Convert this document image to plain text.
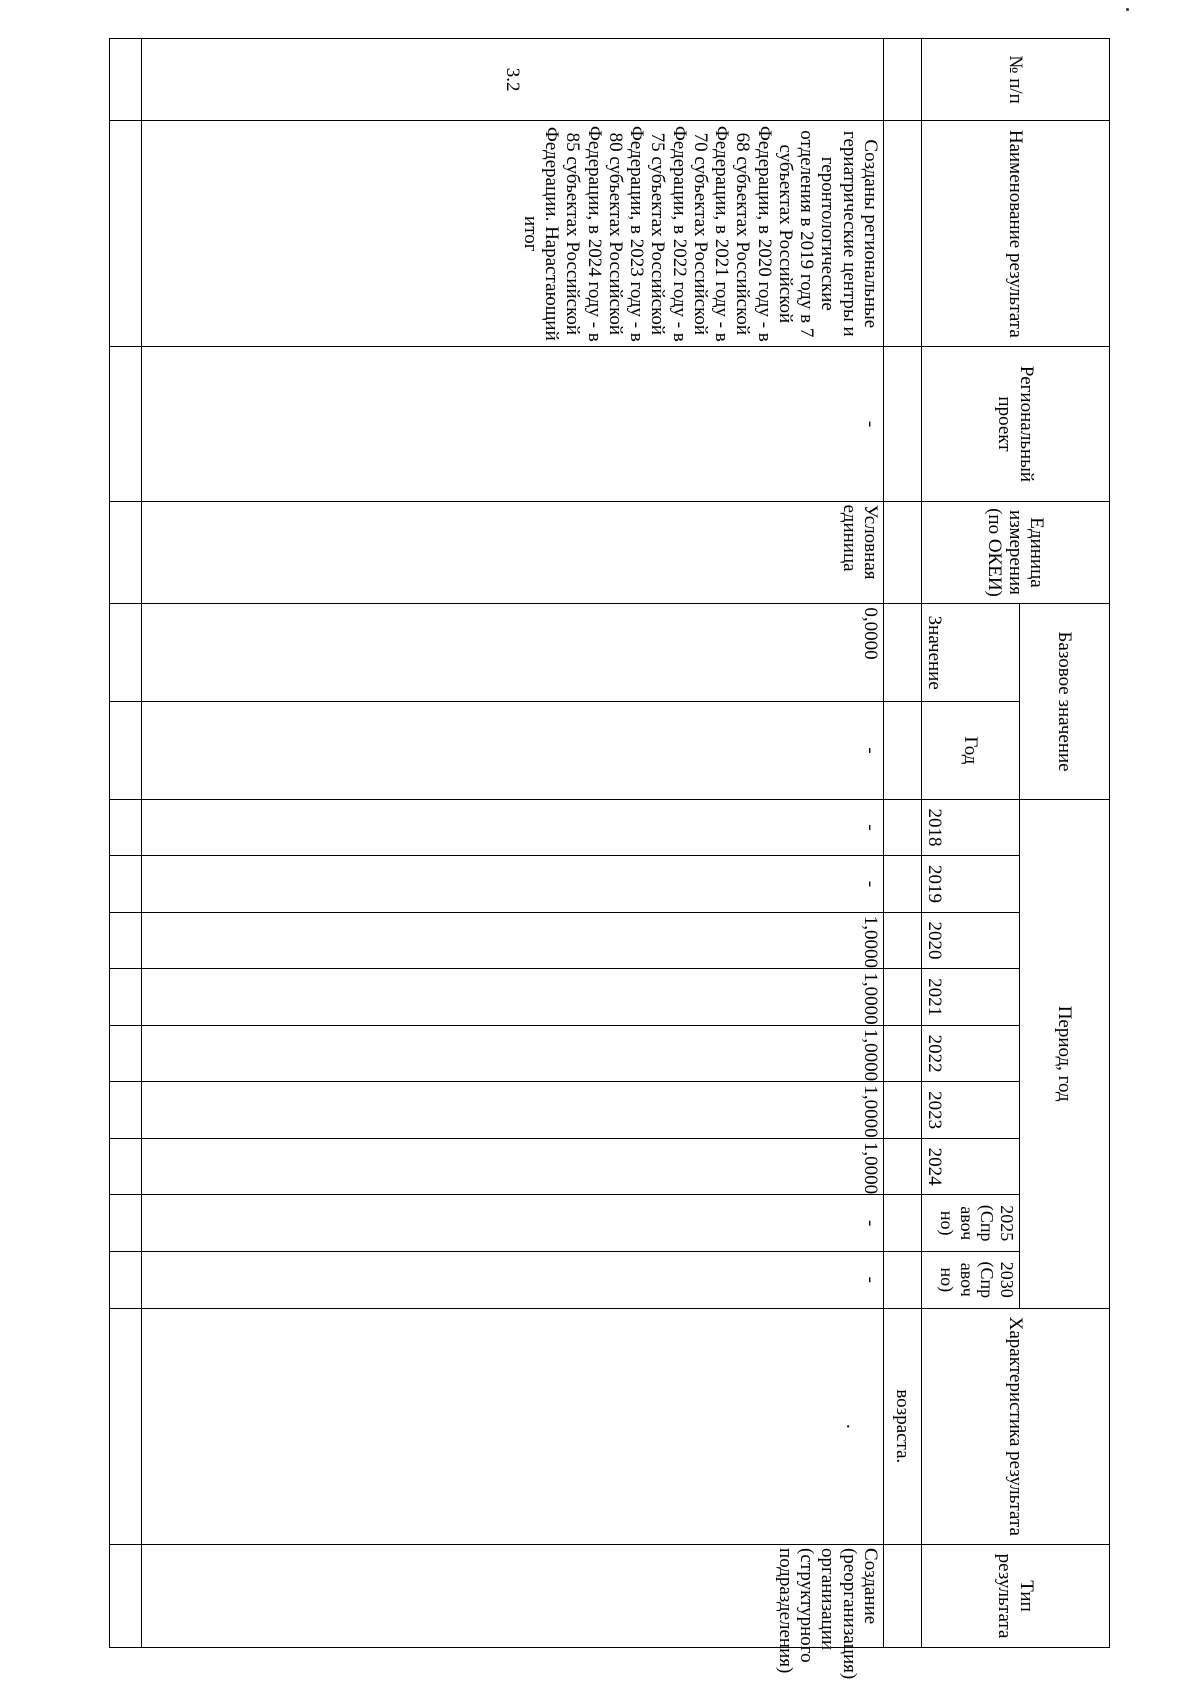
№ п/п	Наименование результата	Региональный проект	Единица измерения (по ОКЕИ)	Базовое значение		Период, год									Характеристика результата	Тип результата
				Значение	Год	2018	2019	2020	2021	2022	2023	2024	2025 (Спр авоч но)	2030 (Спр авоч но)		
															возраста.	
3.2	Созданы региональные гериатрические центры и геронтологические отделения в 2019 году в 7 субъектах Российской Федерации, в 2020 году - в 68 субъектах Российской Федерации, в 2021 году - в 70 субъектах Российской Федерации, в 2022 году - в 75 субъектах Российской Федерации, в 2023 году - в 80 субъектах Российской Федерации, в 2024 году - в 85 субъектах Российской Федерации. Нарастающий итог	-	Условная единица	0,0000	-	-	-	1,0000	1,0000	1,0000	1,0000	1,0000	-	-	.	Создание (реорганизация) организации (структурного подразделения)
